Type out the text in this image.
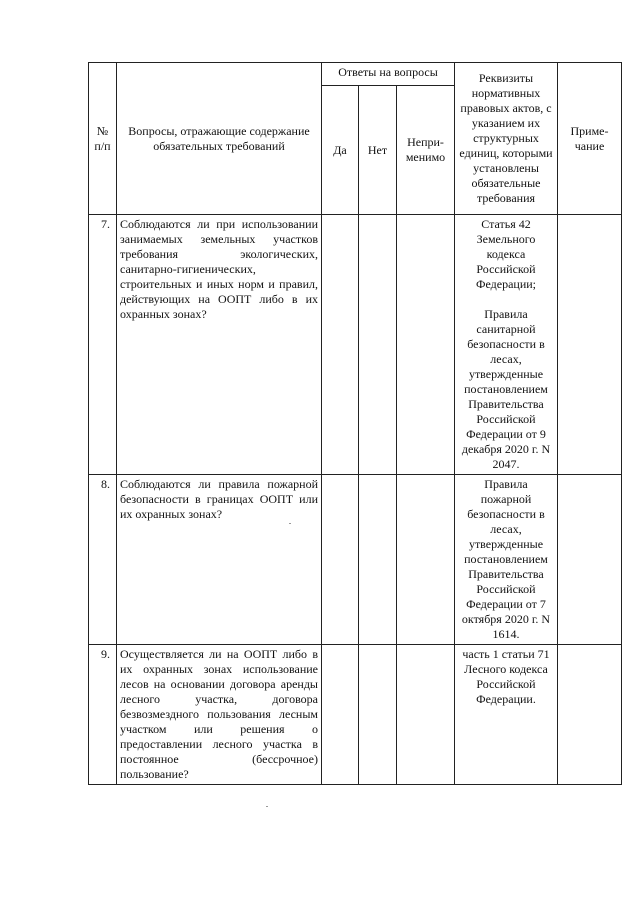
№ п/п	Вопросы, отражающие содержание обязательных требований	Ответы на вопросы			Реквизиты нормативных правовых актов, с указанием их структурных единиц, которыми установлены обязательные требования	Приме- чание
		Да	Нет	Непри- менимо		
7.	Соблюдаются ли при использовании занимаемых земельных участков требования экологических, санитарно-гигиенических, строительных и иных норм и правил, действующих на ООПТ либо в их охранных зонах?				Статья 42 Земельного кодекса Российской Федерации;
Правила санитарной безопасности в лесах, утвержденные постановлением Правительства Российской Федерации от 9 декабря 2020 г. N 2047.	

8.	Соблюдаются ли правила пожарной безопасности в границах ООПТ или их охранных зонах?				Правила пожарной безопасности в лесах, утвержденные постановлением Правительства Российской Федерации от 7 октября 2020 г. N 1614.	

9.	Осуществляется ли на ООПТ либо в их охранных зонах использование лесов на основании договора аренды лесного участка, договора безвозмездного пользования лесным участком или решения о предоставлении лесного участка в постоянное (бессрочное) пользование?				часть 1 статьи 71 Лесного кодекса Российской Федерации.	
